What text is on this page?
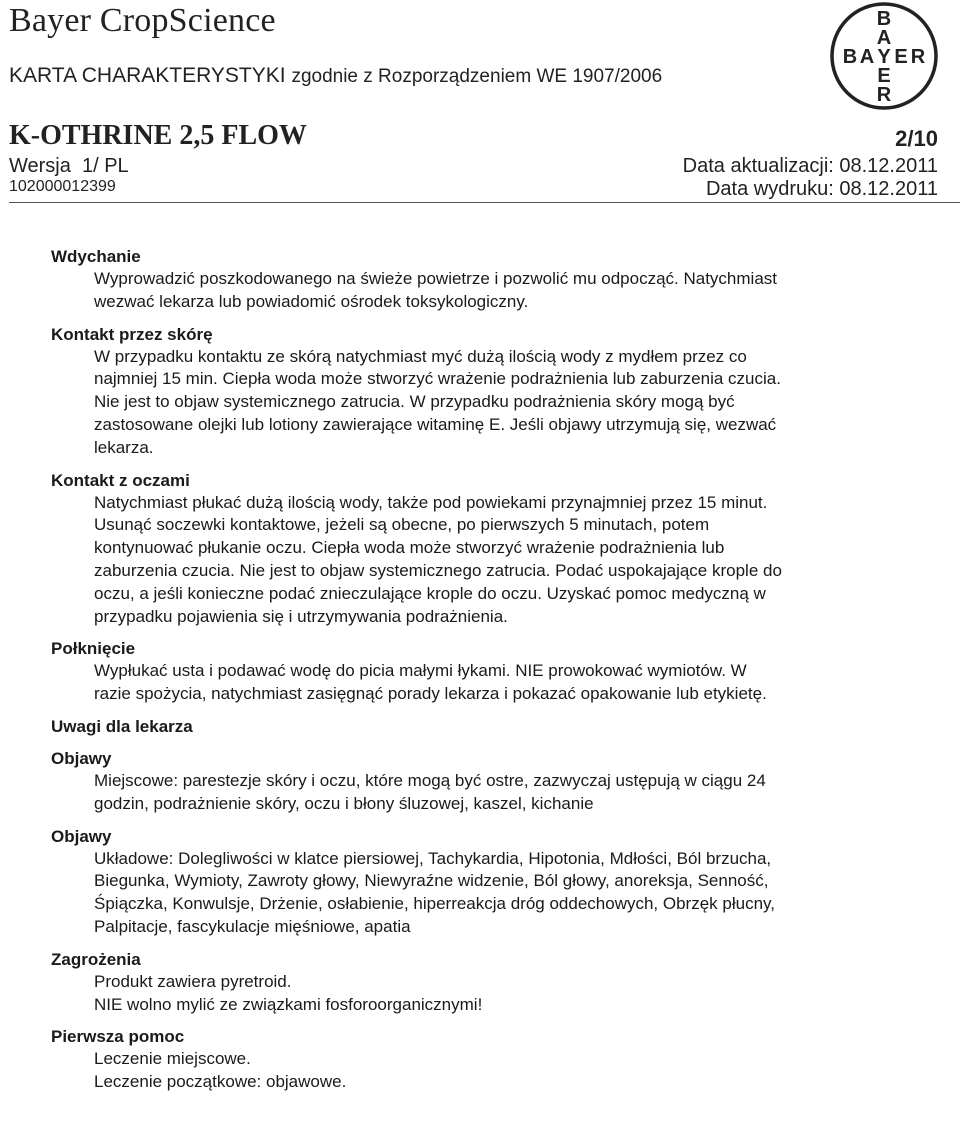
Bayer CropScience
KARTA CHARAKTERYSTYKI zgodnie z Rozporządzeniem WE 1907/2006
B
A
B A Y E R
E
R
K-OTHRINE 2,5 FLOW	2/10
Wersja  1/ PL
102000012399
Data aktualizacji: 08.12.2011
Data wydruku: 08.12.2011
Wdychanie
Wyprowadzić poszkodowanego na świeże powietrze i pozwolić mu odpocząć. Natychmiast
wezwać lekarza lub powiadomić ośrodek toksykologiczny.
Kontakt przez skórę
W przypadku kontaktu ze skórą natychmiast myć dużą ilością wody z mydłem przez co
najmniej 15 min. Ciepła woda może stworzyć wrażenie podrażnienia lub zaburzenia czucia.
Nie jest to objaw systemicznego zatrucia. W przypadku podrażnienia skóry mogą być
zastosowane olejki lub lotiony zawierające witaminę E. Jeśli objawy utrzymują się, wezwać
lekarza.
Kontakt z oczami
Natychmiast płukać dużą ilością wody, także pod powiekami przynajmniej przez 15 minut.
Usunąć soczewki kontaktowe, jeżeli są obecne, po pierwszych 5 minutach, potem
kontynuować płukanie oczu. Ciepła woda może stworzyć wrażenie podrażnienia lub
zaburzenia czucia. Nie jest to objaw systemicznego zatrucia. Podać uspokajające krople do
oczu, a jeśli konieczne podać znieczulające krople do oczu. Uzyskać pomoc medyczną w
przypadku pojawienia się i utrzymywania podrażnienia.
Połknięcie
Wypłukać usta i podawać wodę do picia małymi łykami. NIE prowokować wymiotów. W
razie spożycia, natychmiast zasięgnąć porady lekarza i pokazać opakowanie lub etykietę.
Uwagi dla lekarza
Objawy
Miejscowe: parestezje skóry i oczu, które mogą być ostre, zazwyczaj ustępują w ciągu 24
godzin, podrażnienie skóry, oczu i błony śluzowej, kaszel, kichanie
Objawy
Układowe: Dolegliwości w klatce piersiowej, Tachykardia, Hipotonia, Mdłości, Ból brzucha,
Biegunka, Wymioty, Zawroty głowy, Niewyraźne widzenie, Ból głowy, anoreksja, Senność,
Śpiączka, Konwulsje, Drżenie, osłabienie, hiperreakcja dróg oddechowych, Obrzęk płucny,
Palpitacje, fascykulacje mięśniowe, apatia
Zagrożenia
Produkt zawiera pyretroid.
NIE wolno mylić ze związkami fosforoorganicznymi!
Pierwsza pomoc
Leczenie miejscowe.
Leczenie początkowe: objawowe.
